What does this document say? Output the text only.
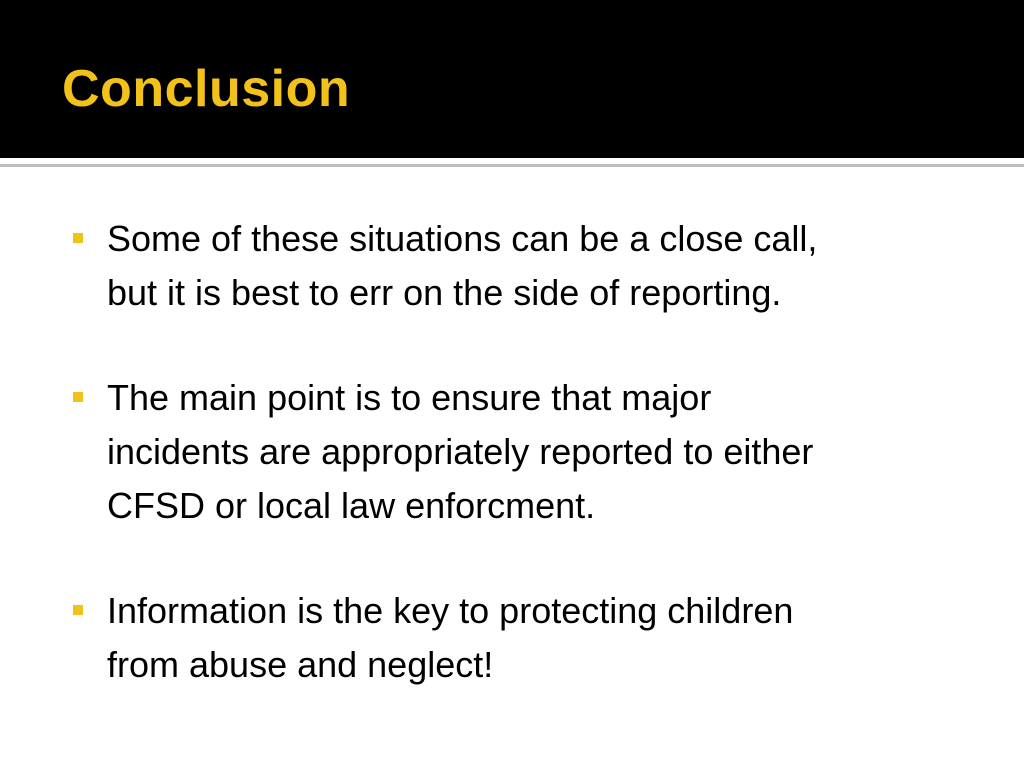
Conclusion
Some of these situations can be a close call,
but it is best to err on the side of reporting.
The main point is to ensure that major
incidents are appropriately reported to either
CFSD or local law enforcment.
Information is the key to protecting children
from abuse and neglect!
